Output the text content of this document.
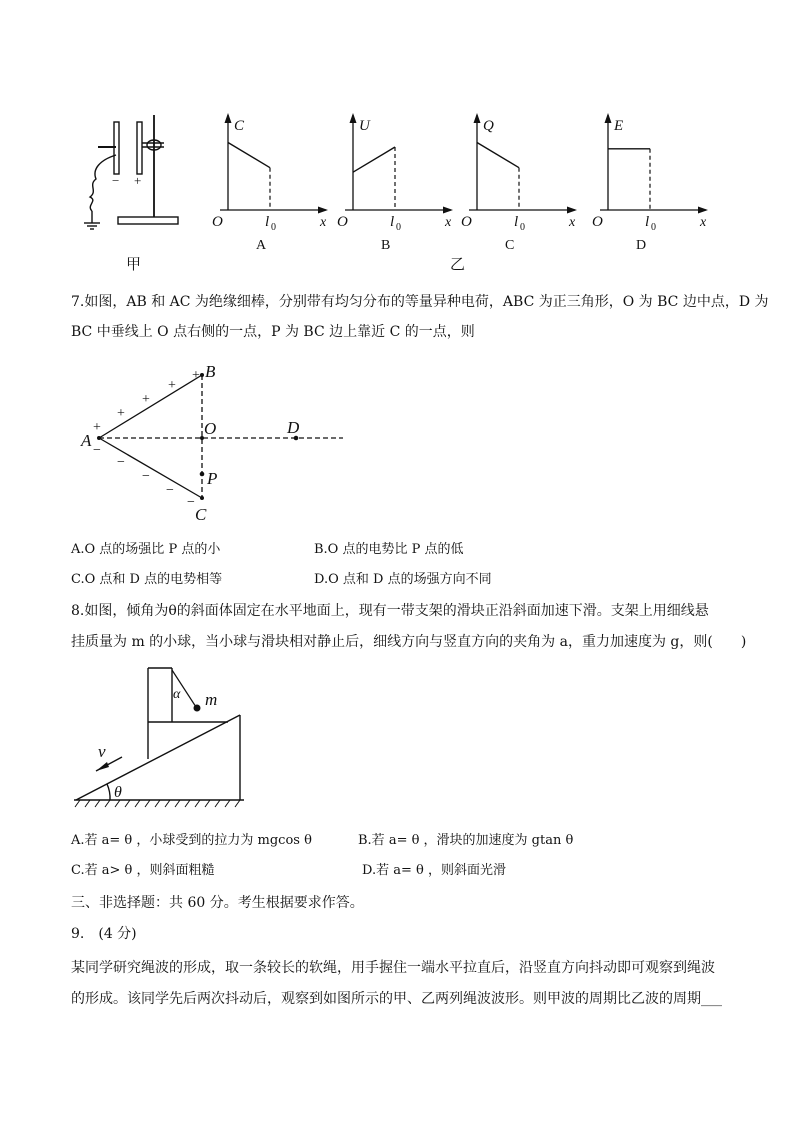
− +
甲	乙
C
O	x
l 0
A
U
O	x
l 0
B
Q
O	x
l 0
C
E
O	x
l 0
D
7.如图，AB 和 AC 为绝缘细棒，分别带有均匀分布的等量异种电荷，ABC 为正三角形，O 为 BC 边中点，D 为
BC 中垂线上 O 点右侧的一点，P 为 BC 边上靠近 C 的一点，则
A
B
C
O	D
P
+
+
+
+
+
−
−
−
−
−
A.O 点的场强比 P 点的小	B.O 点的电势比 P 点的低
C.O 点和 D 点的电势相等	D.O 点和 D 点的场强方向不同
8.如图，倾角为θ的斜面体固定在水平地面上，现有一带支架的滑块正沿斜面加速下滑。支架上用细线悬
挂质量为 m 的小球，当小球与滑块相对静止后，细线方向与竖直方向的夹角为 a，重力加速度为 g，则(　　)
α m
v
θ
A.若 a= θ ，小球受到的拉力为 mgcos θ	B.若 a= θ ，滑块的加速度为 gtan θ
C.若 a> θ ，则斜面粗糙	D.若 a= θ ，则斜面光滑
三、非选择题：共 60 分。考生根据要求作答。
9.　(4 分)
某同学研究绳波的形成，取一条较长的软绳，用手握住一端水平拉直后，沿竖直方向抖动即可观察到绳波
的形成。该同学先后两次抖动后，观察到如图所示的甲、乙两列绳波波形。则甲波的周期比乙波的周期___
